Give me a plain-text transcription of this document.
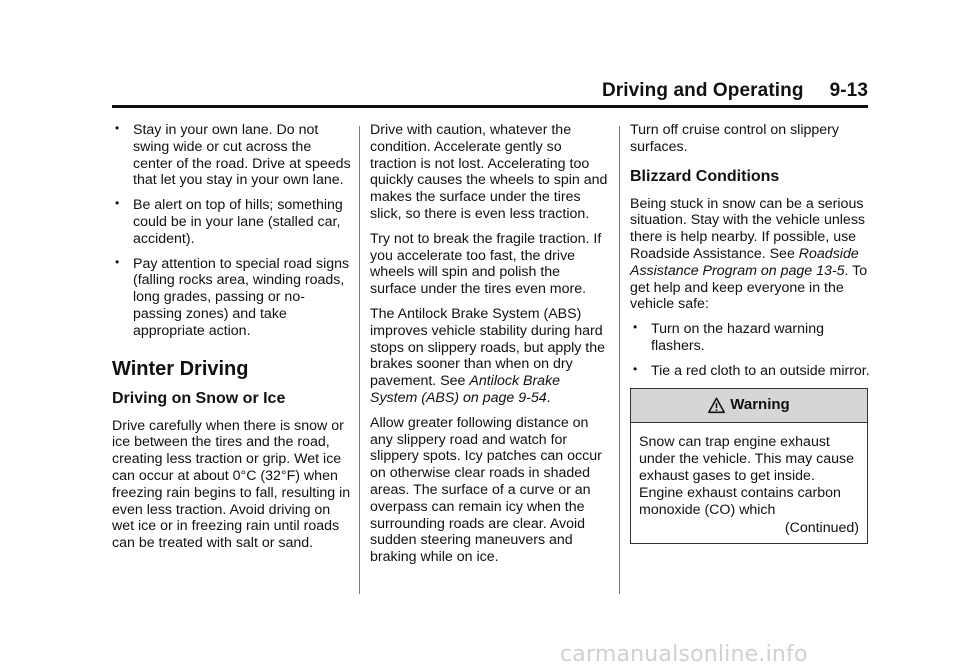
Driving and Operating 9-13
• Stay in your own lane. Do not swing wide or cut across the center of the road. Drive at speeds that let you stay in your own lane.
• Be alert on top of hills; something could be in your lane (stalled car, accident).
• Pay attention to special road signs (falling rocks area, winding roads, long grades, passing or no-passing zones) and take appropriate action.
Winter Driving
Driving on Snow or Ice

Drive carefully when there is snow or ice between the tires and the road, creating less traction or grip. Wet ice can occur at about 0°C (32°F) when freezing rain begins to fall, resulting in even less traction. Avoid driving on wet ice or in freezing rain until roads can be treated with salt or sand.

Drive with caution, whatever the condition. Accelerate gently so traction is not lost. Accelerating too quickly causes the wheels to spin and makes the surface under the tires slick, so there is even less traction.

Try not to break the fragile traction. If you accelerate too fast, the drive wheels will spin and polish the surface under the tires even more.

The Antilock Brake System (ABS) improves vehicle stability during hard stops on slippery roads, but apply the brakes sooner than when on dry pavement. See Antilock Brake System (ABS) on page 9-54.

Allow greater following distance on any slippery road and watch for slippery spots. Icy patches can occur on otherwise clear roads in shaded areas. The surface of a curve or an overpass can remain icy when the surrounding roads are clear. Avoid sudden steering maneuvers and braking while on ice.

Turn off cruise control on slippery surfaces.

Blizzard Conditions

Being stuck in snow can be a serious situation. Stay with the vehicle unless there is help nearby. If possible, use Roadside Assistance. See Roadside Assistance Program on page 13-5. To get help and keep everyone in the vehicle safe:

• Turn on the hazard warning flashers.
• Tie a red cloth to an outside mirror.
Warning

Snow can trap engine exhaust under the vehicle. This may cause exhaust gases to get inside. Engine exhaust contains carbon monoxide (CO) which

(Continued)
carmanualsonline.info
